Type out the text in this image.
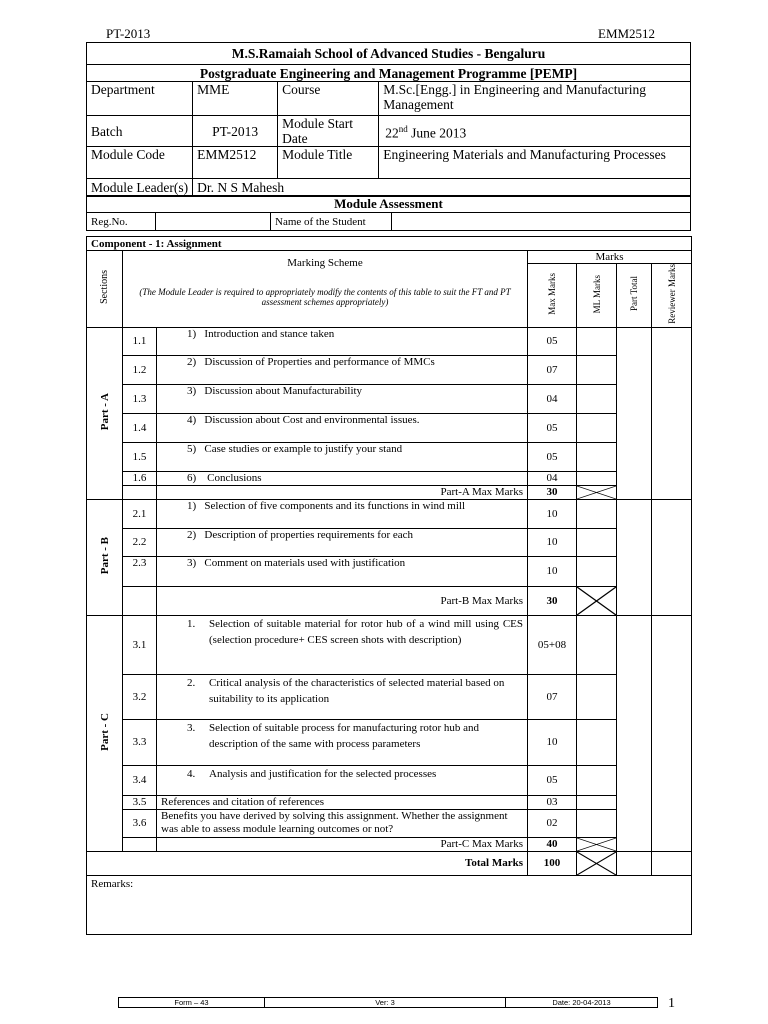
PT-2013	EMM2512
M.S.Ramaiah School of Advanced Studies - Bengaluru			
Postgraduate Engineering and Management Programme [PEMP]			
Department	MME	Course	M.Sc.[Engg.] in Engineering and Manufacturing Management
Batch	PT-2013	Module Start Date	22nd June 2013
Module Code	EMM2512	Module Title	Engineering Materials and Manufacturing Processes
Module Leader(s)	Dr. N S Mahesh		
Module Assessment
Reg.No.		Name of the Student	
Component - 1: Assignment						
Sections	Marking Scheme
(The Module Leader is required to appropriately modify the contents of this table to suit the FT and PT assessment schemes appropriately)		Marks			
			Max Marks	ML Marks	Part Total	Reviewer Marks
Part - A	1.1	1) Introduction and stance taken	05			
	1.2	2) Discussion of Properties and performance of MMCs	07			
	1.3	3) Discussion about Manufacturability	04			
	1.4	4) Discussion about Cost and environmental issues.	05			
	1.5	5) Case studies or example to justify your stand	05			
	1.6	6) Conclusions	04			
		Part-A Max Marks	30	

Part - B	2.1	1) Selection of five components and its functions in wind mill	10			
	2.2	2) Description of properties requirements for each	10			
	2.3	3) Comment on materials used with justification	10			
		Part-B Max Marks	30	

Part - C	3.1	1. Selection of suitable material for rotor hub of a wind mill using CES (selection procedure+ CES screen shots with description)	05+08			
	3.2	2. Critical analysis of the characteristics of selected material based on suitability to its application	07			
	3.3	3. Selection of suitable process for manufacturing rotor hub and description of the same with process parameters	10			
	3.4	4. Analysis and justification for the selected processes	05			
	3.5	References and citation of references	03			
	3.6	Benefits you have derived by solving this assignment. Whether the assignment was able to assess module learning outcomes or not?	02			
		Part-C Max Marks	40	

Total Marks			100	

Remarks:						
Form – 43	Ver: 3	Date: 20-04-2013	1
